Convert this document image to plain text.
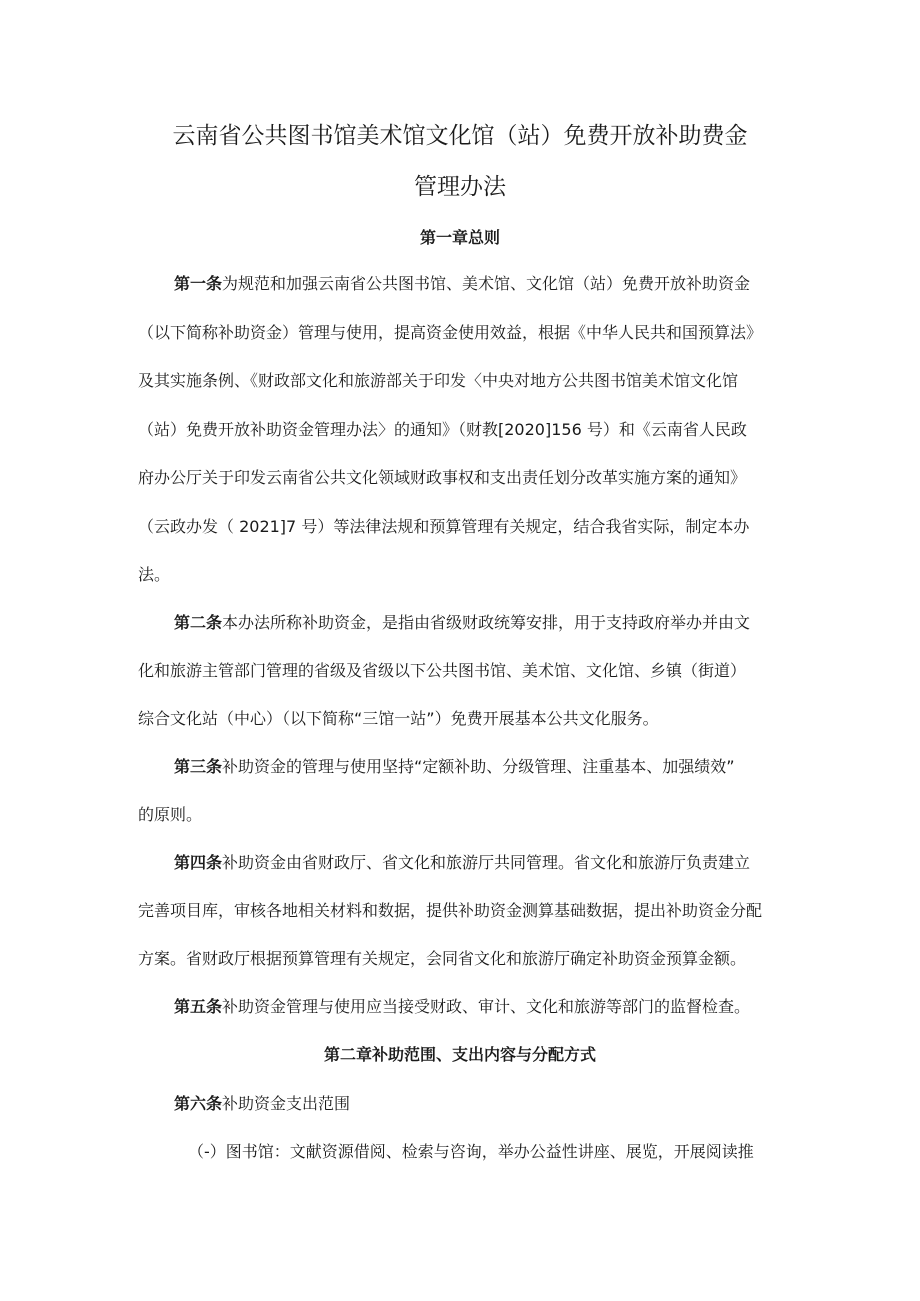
云南省公共图书馆美术馆文化馆（站）免费开放补助费金
管理办法
第一章总则
第一条为规范和加强云南省公共图书馆、美术馆、文化馆（站）免费开放补助资金
（以下简称补助资金）管理与使用，提高资金使用效益，根据《中华人民共和国预算法》
及其实施条例、《财政部文化和旅游部关于印发〈中央对地方公共图书馆美术馆文化馆
（站）免费开放补助资金管理办法〉的通知》（财教[2020]156 号）和《云南省人民政
府办公厅关于印发云南省公共文化领域财政事权和支出责任划分改革实施方案的通知》
（云政办发（ 2021]7 号）等法律法规和预算管理有关规定，结合我省实际，制定本办
法。
第二条本办法所称补助资金，是指由省级财政统筹安排，用于支持政府举办并由文
化和旅游主管部门管理的省级及省级以下公共图书馆、美术馆、文化馆、乡镇（街道）
综合文化站（中心）（以下简称“三馆一站”）免费开展基本公共文化服务。
第三条补助资金的管理与使用坚持“定额补助、分级管理、注重基本、加强绩效”
的原则。
第四条补助资金由省财政厅、省文化和旅游厅共同管理。省文化和旅游厅负责建立
完善项目库，审核各地相关材料和数据，提供补助资金测算基础数据，提出补助资金分配
方案。省财政厅根据预算管理有关规定，会同省文化和旅游厅确定补助资金预算金额。
第五条补助资金管理与使用应当接受财政、审计、文化和旅游等部门的监督检查。
第二章补助范围、支出内容与分配方式
第六条补助资金支出范围
（-）图书馆：文献资源借阅、检索与咨询，举办公益性讲座、展览，开展阅读推
